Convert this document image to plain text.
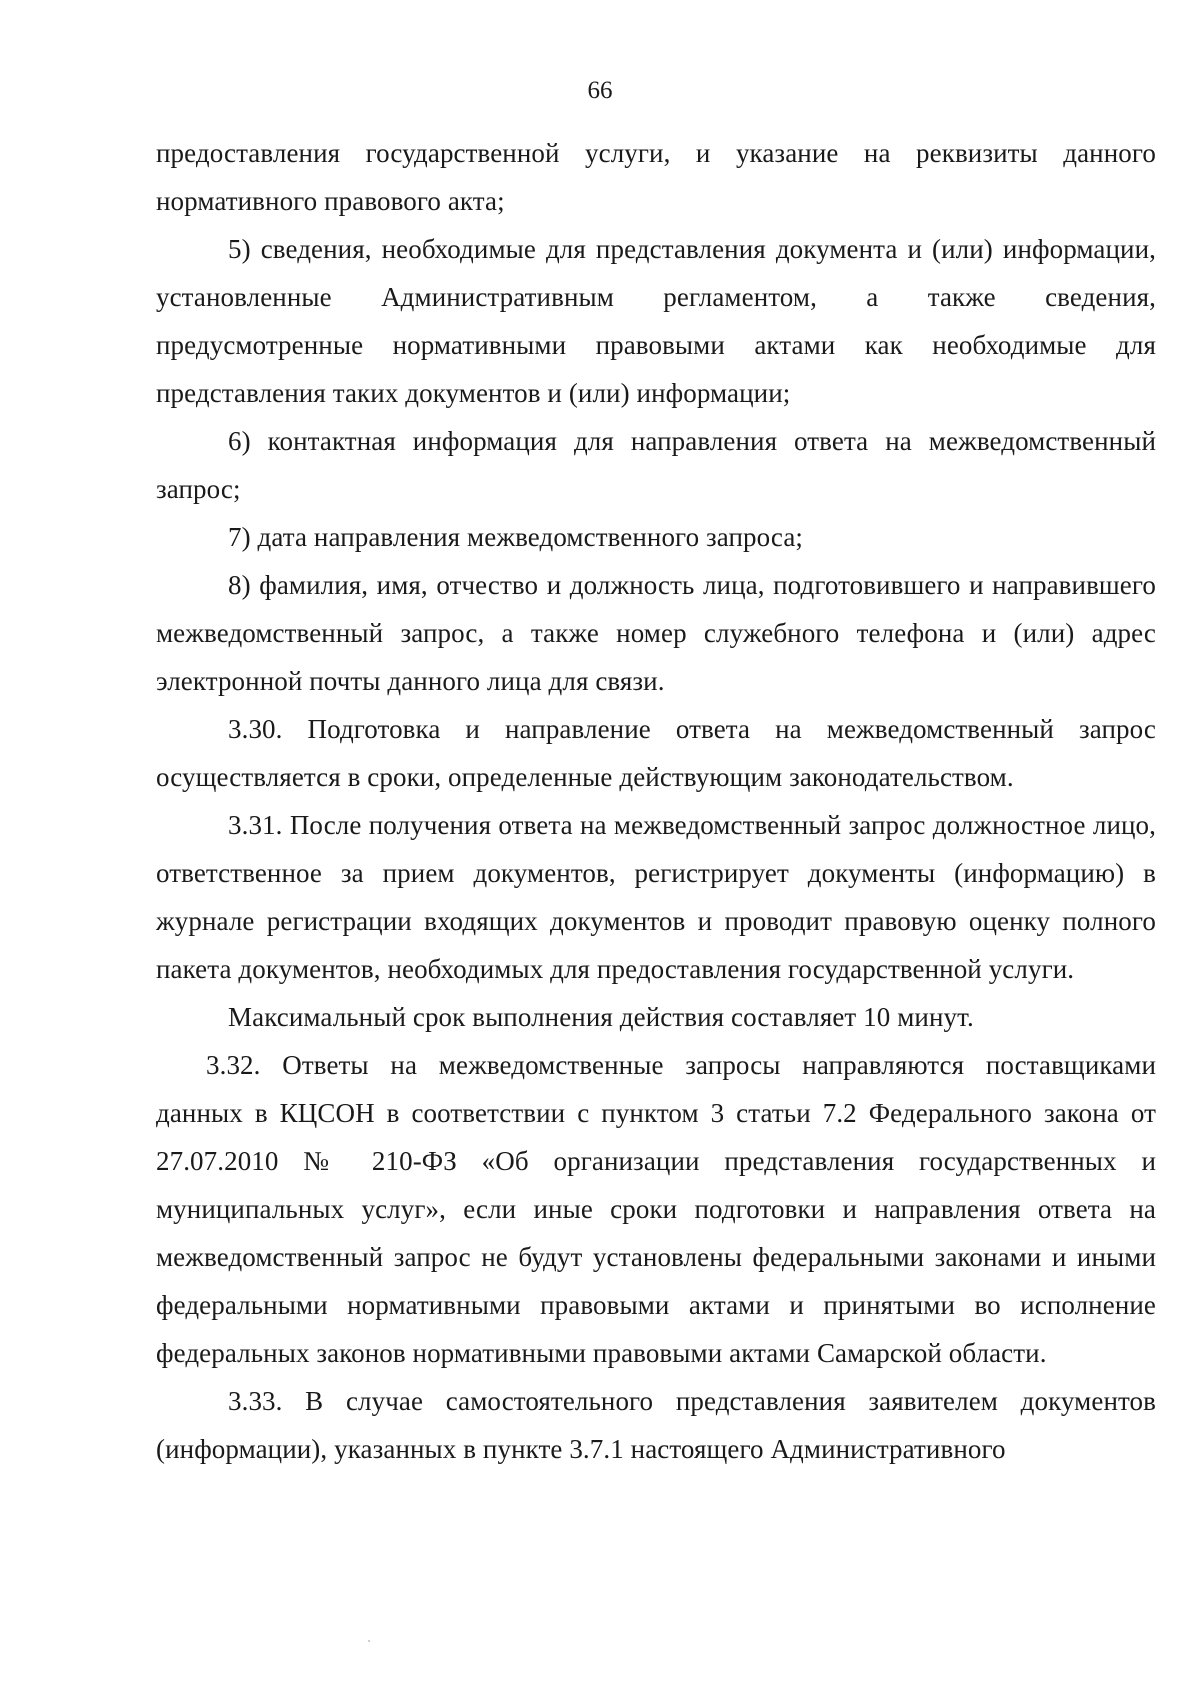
66

предоставления государственной услуги, и указание на реквизиты данного нормативного правового акта;

5) сведения, необходимые для представления документа и (или) информации, установленные Административным регламентом, а также сведения, предусмотренные нормативными правовыми актами как необходимые для представления таких документов и (или) информации;

6) контактная информация для направления ответа на межведомственный запрос;

7) дата направления межведомственного запроса;

8) фамилия, имя, отчество и должность лица, подготовившего и направившего межведомственный запрос, а также номер служебного телефона и (или) адрес электронной почты данного лица для связи.

3.30. Подготовка и направление ответа на межведомственный запрос осуществляется в сроки, определенные действующим законодательством.

3.31. После получения ответа на межведомственный запрос должностное лицо, ответственное за прием документов, регистрирует документы (информацию) в журнале регистрации входящих документов и проводит правовую оценку полного пакета документов, необходимых для предоставления государственной услуги.

Максимальный срок выполнения действия составляет 10 минут.

3.32. Ответы на межведомственные запросы направляются поставщиками данных в КЦСОН в соответствии с пунктом 3 статьи 7.2 Федерального закона от 27.07.2010 № 210-ФЗ «Об организации представления государственных и муниципальных услуг», если иные сроки подготовки и направления ответа на межведомственный запрос не будут установлены федеральными законами и иными федеральными нормативными правовыми актами и принятыми во исполнение федеральных законов нормативными правовыми актами Самарской области.

3.33. В случае самостоятельного представления заявителем документов (информации), указанных в пункте 3.7.1 настоящего Административного
